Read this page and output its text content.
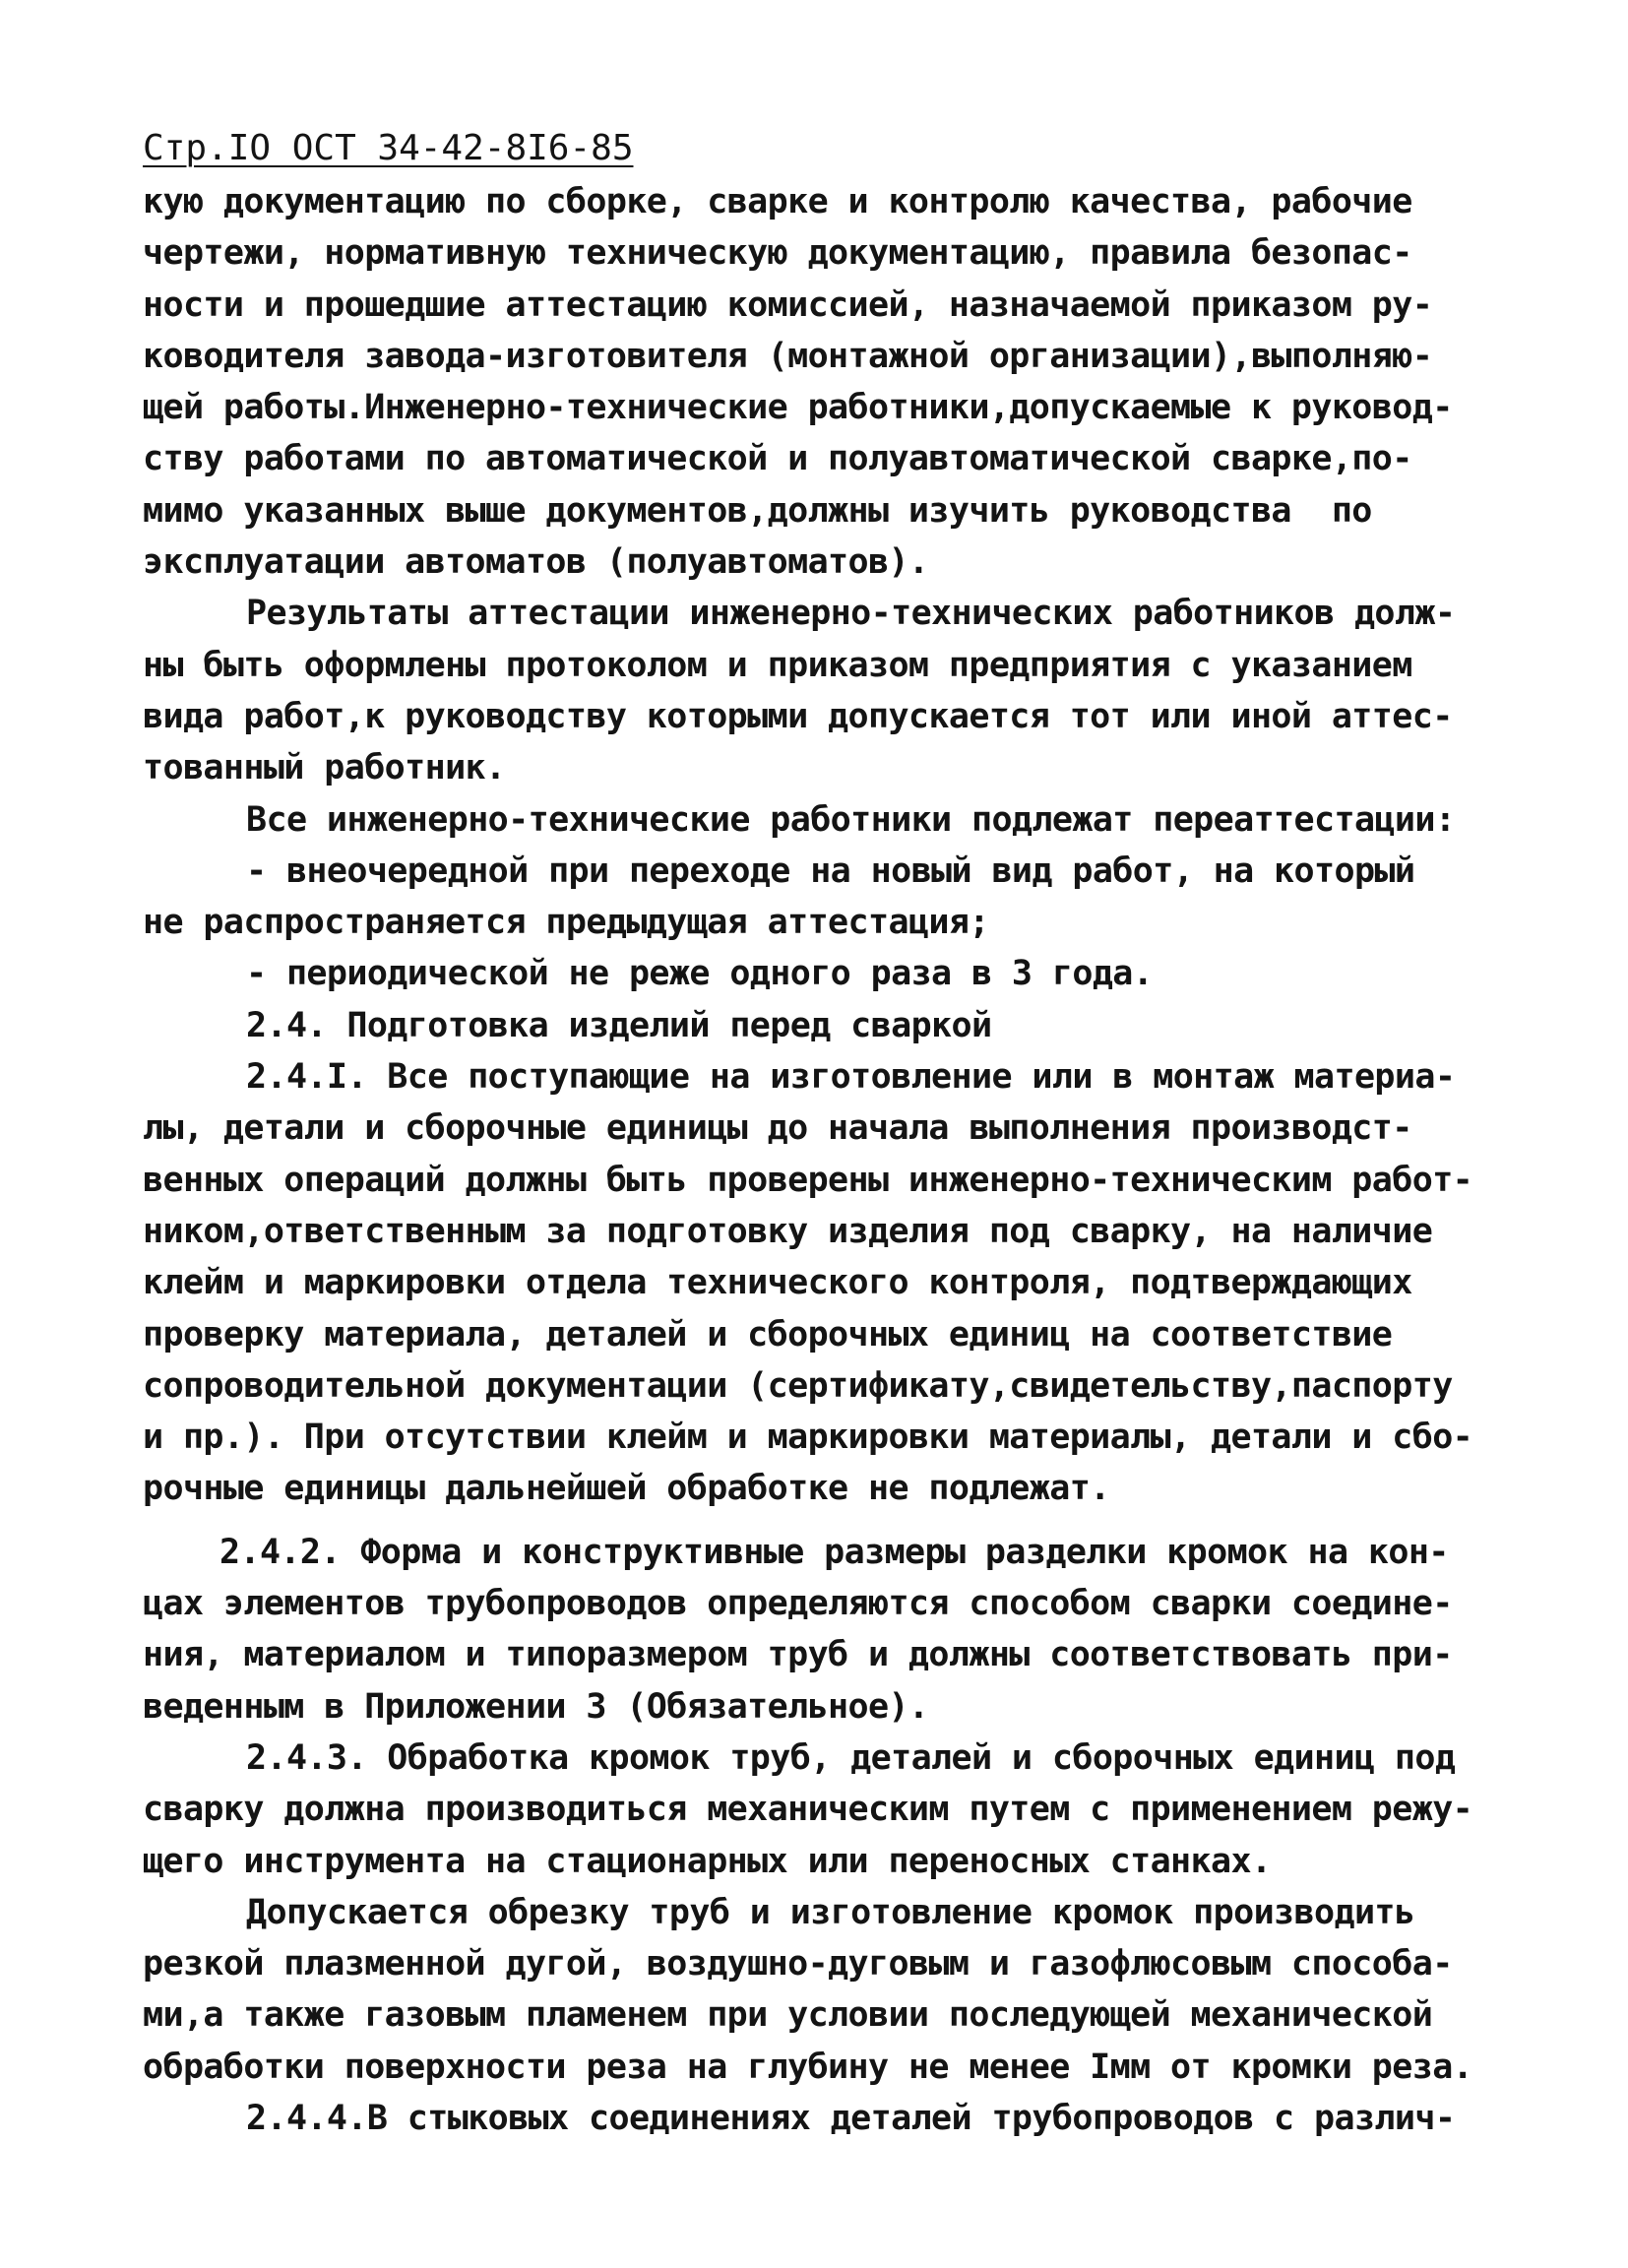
Стр.IO ОСТ 34-42-8I6-85
кую документацию по сборке, сварке и контролю качества, рабочие
чертежи, нормативную техническую документацию, правила безопас-
ности и прошедшие аттестацию комиссией, назначаемой приказом ру-
ководителя завода-изготовителя (монтажной организации),выполняю-
щей работы.Инженерно-технические работники,допускаемые к руковод-
ству работами по автоматической и полуавтоматической сварке,по-
мимо указанных выше документов,должны изучить руководства  по
эксплуатации автоматов (полуавтоматов).
Результаты аттестации инженерно-технических работников долж-
ны быть оформлены протоколом и приказом предприятия с указанием
вида работ,к руководству которыми допускается тот или иной аттес-
тованный работник.
Все инженерно-технические работники подлежат переаттестации:
- внеочередной при переходе на новый вид работ, на который
не распространяется предыдущая аттестация;
- периодической не реже одного раза в 3 года.
2.4. Подготовка изделий перед сваркой
2.4.I. Все поступающие на изготовление или в монтаж материа-
лы, детали и сборочные единицы до начала выполнения производст-
венных операций должны быть проверены инженерно-техническим работ-
ником,ответственным за подготовку изделия под сварку, на наличие
клейм и маркировки отдела технического контроля, подтверждающих
проверку материала, деталей и сборочных единиц на соответствие
сопроводительной документации (сертификату,свидетельству,паспорту
и пр.). При отсутствии клейм и маркировки материалы, детали и сбо-
рочные единицы дальнейшей обработке не подлежат.
2.4.2. Форма и конструктивные размеры разделки кромок на кон-
цах элементов трубопроводов определяются способом сварки соедине-
ния, материалом и типоразмером труб и должны соответствовать при-
веденным в Приложении 3 (Обязательное).
2.4.3. Обработка кромок труб, деталей и сборочных единиц под
сварку должна производиться механическим путем с применением режу-
щего инструмента на стационарных или переносных станках.
Допускается обрезку труб и изготовление кромок производить
резкой плазменной дугой, воздушно-дуговым и газофлюсовым способа-
ми,а также газовым пламенем при условии последующей механической
обработки поверхности реза на глубину не менее Iмм от кромки реза.
2.4.4.В стыковых соединениях деталей трубопроводов с различ-
